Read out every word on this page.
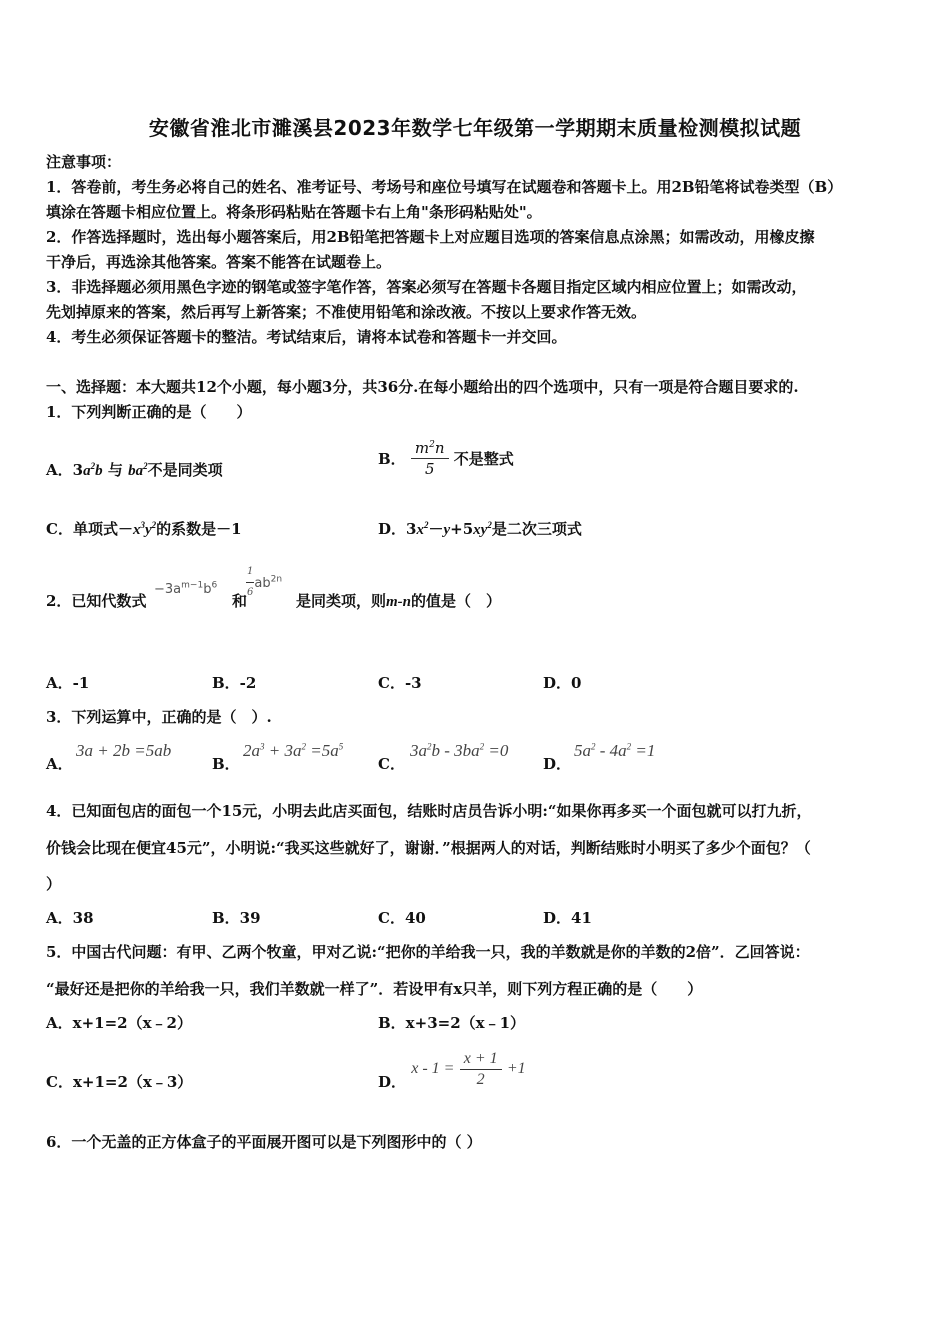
安徽省淮北市濉溪县2023年数学七年级第一学期期末质量检测模拟试题
注意事项：
1．答卷前，考生务必将自己的姓名、准考证号、考场号和座位号填写在试题卷和答题卡上。用2B铅笔将试卷类型（B）
填涂在答题卡相应位置上。将条形码粘贴在答题卡右上角"条形码粘贴处"。
2．作答选择题时，选出每小题答案后，用2B铅笔把答题卡上对应题目选项的答案信息点涂黑；如需改动，用橡皮擦
干净后，再选涂其他答案。答案不能答在试题卷上。
3．非选择题必须用黑色字迹的钢笔或签字笔作答，答案必须写在答题卡各题目指定区域内相应位置上；如需改动，
先划掉原来的答案，然后再写上新答案；不准使用铅笔和涂改液。不按以上要求作答无效。
4．考生必须保证答题卡的整洁。考试结束后，请将本试卷和答题卡一并交回。
一、选择题：本大题共12个小题，每小题3分，共36分.在每小题给出的四个选项中，只有一项是符合题目要求的.
1．下列判断正确的是（　　）
A．$3a^2b$ 与 $ba^2$不是同类项
B． $\frac{m^2n}{5}$ 不是整式
C．单项式$-x^3y^2$的系数是－1	D．$3x^2-y+5xy^2$是二次三项式
2．已知代数式
$-3a^{m-1}b^6$
和
$\frac{1}{6} ab^{2n}$
是同类项，则m-n的值是（　）
A．-1	B．-2	C．-3	D．0
3．下列运算中，正确的是（　）.
A．
3a + 2b =5ab
B．
$2a^3 + 3a^2 =5a^5$
C．
$3a^2b - 3ba^2 =0$
D．
$5a^2 - 4a^2 =1$
4．已知面包店的面包一个15元，小明去此店买面包，结账时店员告诉小明:“如果你再多买一个面包就可以打九折，
价钱会比现在便宜45元”，小明说:“我买这些就好了，谢谢．”根据两人的对话，判断结账时小明买了多少个面包？（
）
A．38	B．39	C．40	D．41
5．中国古代问题：有甲、乙两个牧童，甲对乙说:“把你的羊给我一只，我的羊数就是你的羊数的2倍”．乙回答说：
“最好还是把你的羊给我一只，我们羊数就一样了”．若设甲有x只羊，则下列方程正确的是（　　）
A．x+1=2（x﹣2）	B．x+3=2（x﹣1）
C．x+1=2（x﹣3）	D． $x - 1 = \frac{x + 1}{2} +1$
6．一个无盖的正方体盒子的平面展开图可以是下列图形中的（ ）
